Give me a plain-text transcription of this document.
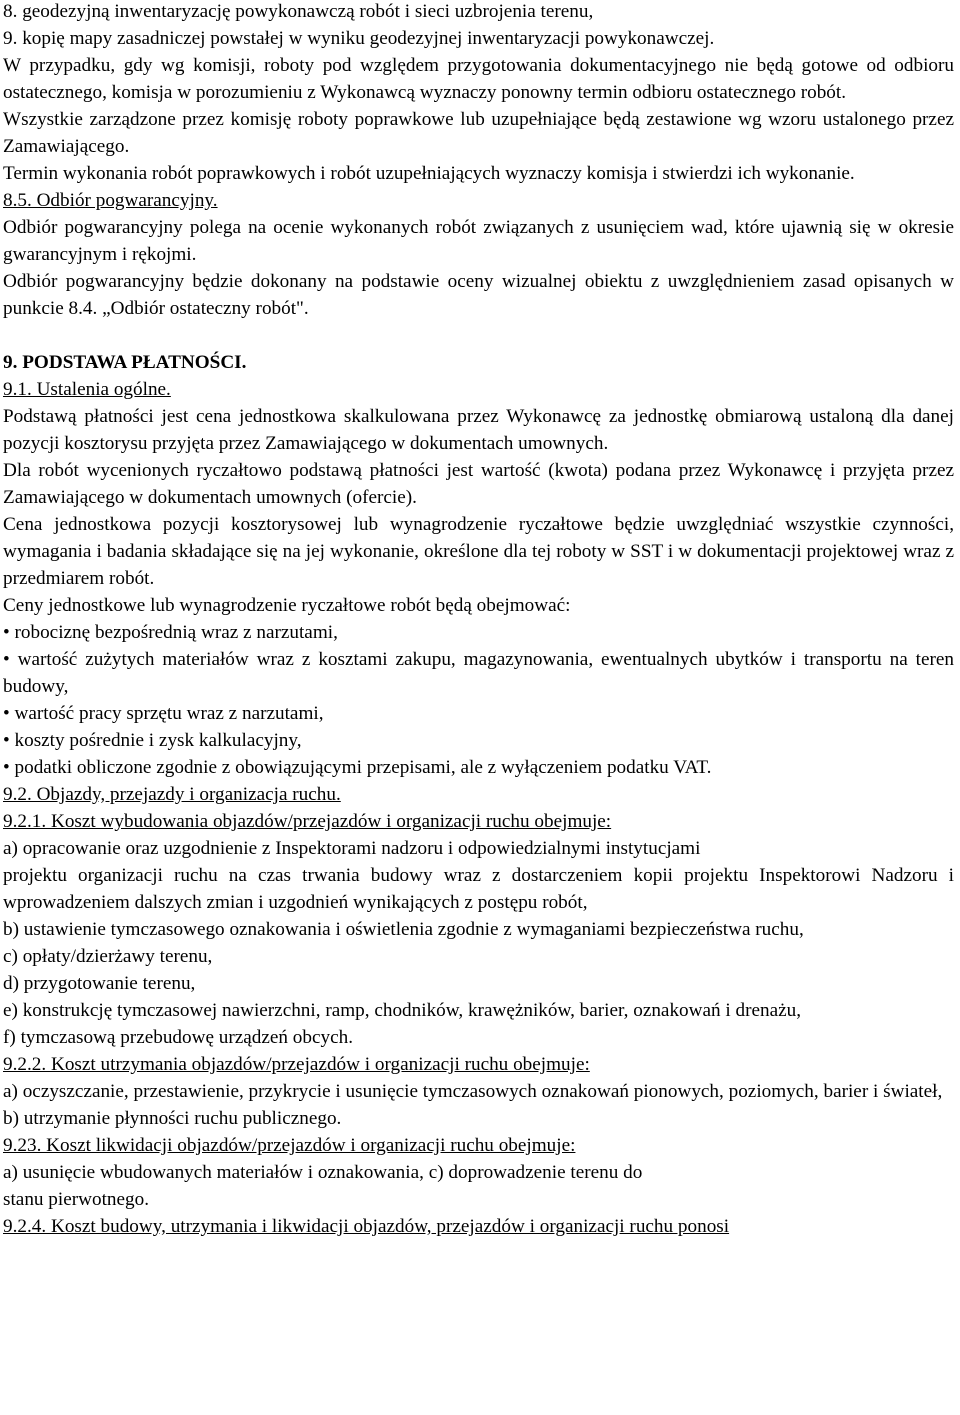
8. geodezyjną inwentaryzację powykonawczą robót i sieci uzbrojenia terenu,

9. kopię mapy zasadniczej powstałej w wyniku geodezyjnej inwentaryzacji powykonawczej.

W przypadku, gdy wg komisji, roboty pod względem przygotowania dokumentacyjnego nie będą gotowe od odbioru ostatecznego, komisja w porozumieniu z Wykonawcą wyznaczy ponowny termin odbioru ostatecznego robót.

Wszystkie zarządzone przez komisję roboty poprawkowe lub uzupełniające będą zestawione wg wzoru ustalonego przez Zamawiającego.

Termin wykonania robót poprawkowych i robót uzupełniających wyznaczy komisja i stwierdzi ich wykonanie.

8.5. Odbiór pogwarancyjny.

Odbiór pogwarancyjny polega na ocenie wykonanych robót związanych z usunięciem wad, które ujawnią się w okresie gwarancyjnym i rękojmi.

Odbiór pogwarancyjny będzie dokonany na podstawie oceny wizualnej obiektu z uwzględnieniem zasad opisanych w punkcie 8.4. „Odbiór ostateczny robót".

9. PODSTAWA PŁATNOŚCI.

9.1. Ustalenia ogólne.

Podstawą płatności jest cena jednostkowa skalkulowana przez Wykonawcę za jednostkę obmiarową ustaloną dla danej pozycji kosztorysu przyjęta przez Zamawiającego w dokumentach umownych.

Dla robót wycenionych ryczałtowo podstawą płatności jest wartość (kwota) podana przez Wykonawcę i przyjęta przez Zamawiającego w dokumentach umownych (ofercie).

Cena jednostkowa pozycji kosztorysowej lub wynagrodzenie ryczałtowe będzie uwzględniać wszystkie czynności, wymagania i badania składające się na jej wykonanie, określone dla tej roboty w SST i w dokumentacji projektowej wraz z przedmiarem robót.

Ceny jednostkowe lub wynagrodzenie ryczałtowe robót będą obejmować:

• robociznę bezpośrednią wraz z narzutami,

• wartość zużytych materiałów wraz z kosztami zakupu, magazynowania, ewentualnych ubytków i transportu na teren budowy,

• wartość pracy sprzętu wraz z narzutami,

• koszty pośrednie i zysk kalkulacyjny,

• podatki obliczone zgodnie z obowiązującymi przepisami, ale z wyłączeniem podatku VAT.

9.2. Objazdy, przejazdy i organizacja ruchu.

9.2.1. Koszt wybudowania objazdów/przejazdów i organizacji ruchu obejmuje:

a) opracowanie oraz uzgodnienie z Inspektorami nadzoru i odpowiedzialnymi instytucjami

projektu organizacji ruchu na czas trwania budowy wraz z dostarczeniem kopii projektu Inspektorowi Nadzoru i wprowadzeniem dalszych zmian i uzgodnień wynikających z postępu robót,

b) ustawienie tymczasowego oznakowania i oświetlenia zgodnie z wymaganiami bezpieczeństwa ruchu,

c) opłaty/dzierżawy terenu,

d) przygotowanie terenu,

e) konstrukcję tymczasowej nawierzchni, ramp, chodników, krawężników, barier, oznakowań i drenażu,

f) tymczasową przebudowę urządzeń obcych.

9.2.2. Koszt utrzymania objazdów/przejazdów i organizacji ruchu obejmuje:

a) oczyszczanie, przestawienie, przykrycie i usunięcie tymczasowych oznakowań pionowych, poziomych, barier i świateł,

b) utrzymanie płynności ruchu publicznego.

9.23. Koszt likwidacji objazdów/przejazdów i organizacji ruchu obejmuje:

a) usunięcie wbudowanych materiałów i oznakowania, c) doprowadzenie terenu do

stanu pierwotnego.

9.2.4. Koszt budowy, utrzymania i likwidacji objazdów, przejazdów i organizacji ruchu ponosi
